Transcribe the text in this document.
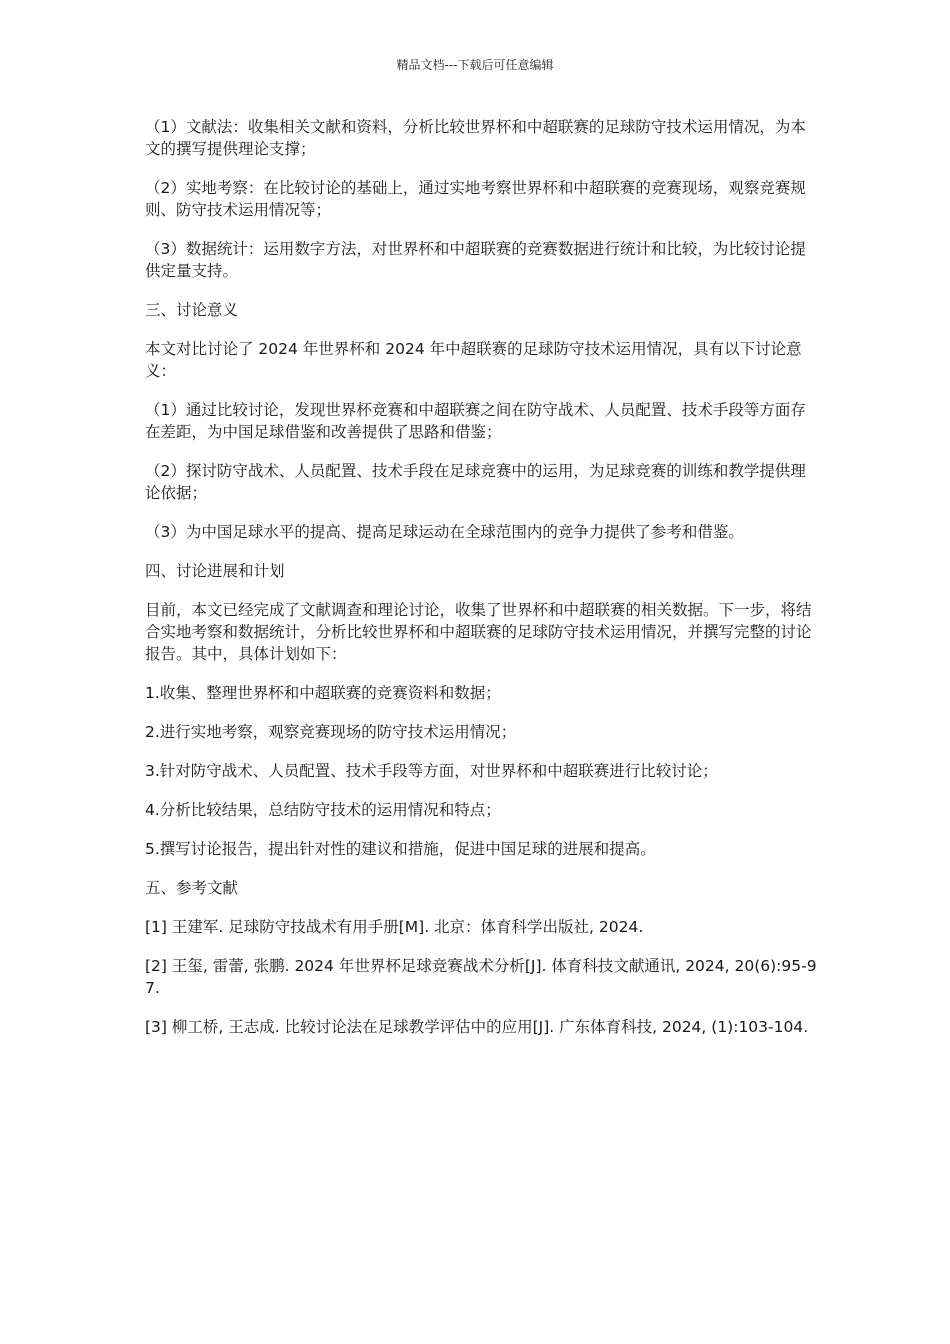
精品文档---下载后可任意编辑

（1）文献法：收集相关文献和资料，分析比较世界杯和中超联赛的足球防守技术运用情况，为本文的撰写提供理论支撑；

（2）实地考察：在比较讨论的基础上，通过实地考察世界杯和中超联赛的竞赛现场，观察竞赛规则、防守技术运用情况等；

（3）数据统计：运用数字方法，对世界杯和中超联赛的竞赛数据进行统计和比较，为比较讨论提供定量支持。

三、讨论意义

本文对比讨论了 2024 年世界杯和 2024 年中超联赛的足球防守技术运用情况，具有以下讨论意义：

（1）通过比较讨论，发现世界杯竞赛和中超联赛之间在防守战术、人员配置、技术手段等方面存在差距，为中国足球借鉴和改善提供了思路和借鉴；

（2）探讨防守战术、人员配置、技术手段在足球竞赛中的运用，为足球竞赛的训练和教学提供理论依据；

（3）为中国足球水平的提高、提高足球运动在全球范围内的竞争力提供了参考和借鉴。

四、讨论进展和计划

目前，本文已经完成了文献调查和理论讨论，收集了世界杯和中超联赛的相关数据。下一步，将结合实地考察和数据统计，分析比较世界杯和中超联赛的足球防守技术运用情况，并撰写完整的讨论报告。其中，具体计划如下：

1.收集、整理世界杯和中超联赛的竞赛资料和数据；

2.进行实地考察，观察竞赛现场的防守技术运用情况；

3.针对防守战术、人员配置、技术手段等方面，对世界杯和中超联赛进行比较讨论；

4.分析比较结果，总结防守技术的运用情况和特点；

5.撰写讨论报告，提出针对性的建议和措施，促进中国足球的进展和提高。

五、参考文献

[1] 王建军. 足球防守技战术有用手册[M]. 北京：体育科学出版社, 2024.

[2] 王玺, 雷蕾, 张鹏. 2024 年世界杯足球竞赛战术分析[J]. 体育科技文献通讯, 2024, 20(6):95-97.

[3] 柳工桥, 王志成. 比较讨论法在足球教学评估中的应用[J]. 广东体育科技, 2024, (1):103-104.
